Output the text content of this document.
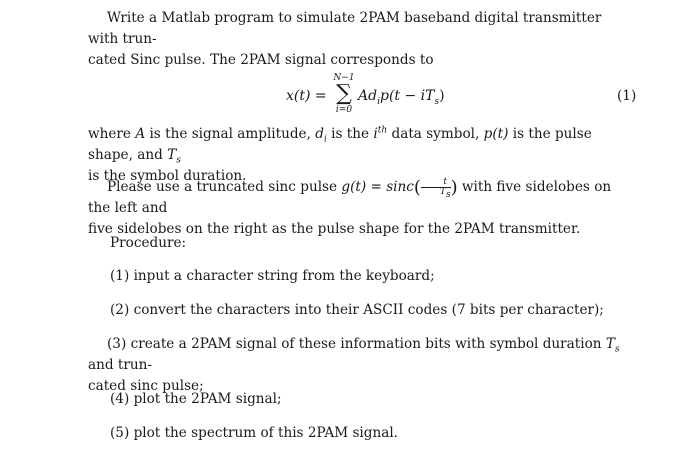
Write a Matlab program to simulate 2PAM baseband digital transmitter with trun-
cated Sinc pulse. The 2PAM signal corresponds to
x(t) =
N−1
∑
i=0
$Ad_ip(t - iT_s)$	(1)
where A is the signal amplitude, $d_i$ is the $i^{th}$ data symbol, p(t) is the pulse shape, and $T_s$
is the symbol duration.
Please use a truncated sinc pulse $g(t) = \sin c( \frac{t}{T_s}$ ) with five sidelobes on the left and
five sidelobes on the right as the pulse shape for the 2PAM transmitter.
Procedure:
(1) input a character string from the keyboard;
(2) convert the characters into their ASCII codes (7 bits per character);
(3) create a 2PAM signal of these information bits with symbol duration $T_s$ and trun-
cated sinc pulse;
(4) plot the 2PAM signal;
(5) plot the spectrum of this 2PAM signal.
